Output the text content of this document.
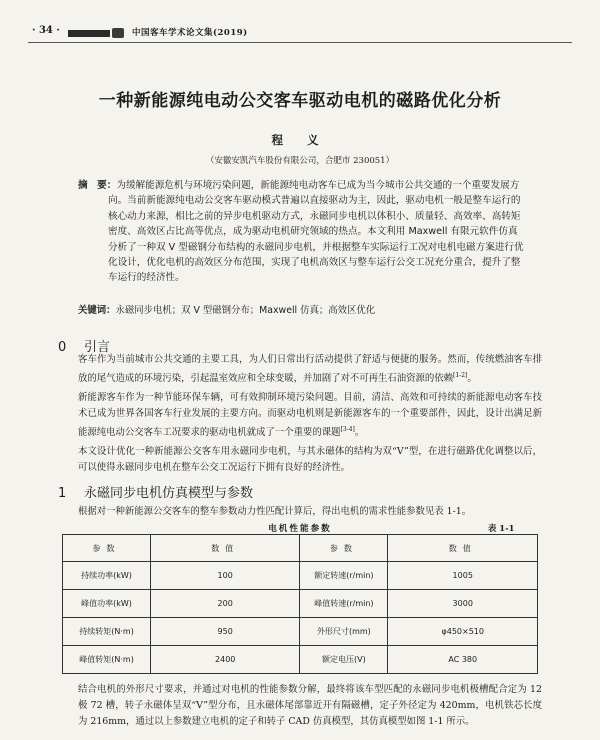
· 34 ·	中国客车学术论文集(2019)
一种新能源纯电动公交客车驱动电机的磁路优化分析
程 义
（安徽安凯汽车股份有限公司，合肥市 230051）
摘　要：为缓解能源危机与环境污染问题，新能源纯电动客车已成为当今城市公共交通的一个重要发展方向。当前新能源纯电动公交客车驱动模式普遍以直接驱动为主，因此，驱动电机一般是整车运行的核心动力来源，相比之前的异步电机驱动方式，永磁同步电机以体积小、质量轻、高效率、高转矩密度、高效区占比高等优点，成为驱动电机研究领域的热点。本文利用 Maxwell 有限元软件仿真分析了一种双 V 型磁钢分布结构的永磁同步电机，并根据整车实际运行工况对电机电磁方案进行优化设计，优化电机的高效区分布范围，实现了电机高效区与整车运行公交工况充分重合，提升了整车运行的经济性。
关键词：永磁同步电机；双 V 型磁钢分布；Maxwell 仿真；高效区优化
0 引言

客车作为当前城市公共交通的主要工具，为人们日常出行活动提供了舒适与便捷的服务。然而，传统燃油客车排放的尾气造成的环境污染，引起温室效应和全球变暖，并加剧了对不可再生石油资源的依赖[1-2]。

新能源客车作为一种节能环保车辆，可有效抑制环境污染问题。目前，清洁、高效和可持续的新能源电动客车技术已成为世界各国客车行业发展的主要方向。而驱动电机则是新能源客车的一个重要部件，因此，设计出满足新能源纯电动公交客车工况要求的驱动电机就成了一个重要的课题[3-4]。

电机性能参数	表 1-1
参数	数值	参数	数值
持续功率(kW)	100	额定转速(r/min)	1005
峰值功率(kW)	200	峰值转速(r/min)	3000
持续转矩(N·m)	950	外形尺寸(mm)	φ450×510
峰值转矩(N·m)	2400	额定电压(V)	AC 380

结合电机的外形尺寸要求，并通过对电机的性能参数分解，最终将该车型匹配的永磁同步电机极槽配合定为 12 极 72 槽，转子永磁体呈双“V”型分布，且永磁体尾部靠近开有隔磁槽，定子外径定为 420mm，电机铁芯长度为 216mm，通过以上参数建立电机的定子和转子 CAD 仿真模型，其仿真模型如图 1-1 所示。

本文设计优化一种新能源公交客车用永磁同步电机，与其永磁体的结构为双“V”型，在进行磁路优化调整以后，可以使得永磁同步电机在整车公交工况运行下拥有良好的经济性。

1 永磁同步电机仿真模型与参数

根据对一种新能源公交客车的整车参数动力性匹配计算后，得出电机的需求性能参数见表 1-1。
